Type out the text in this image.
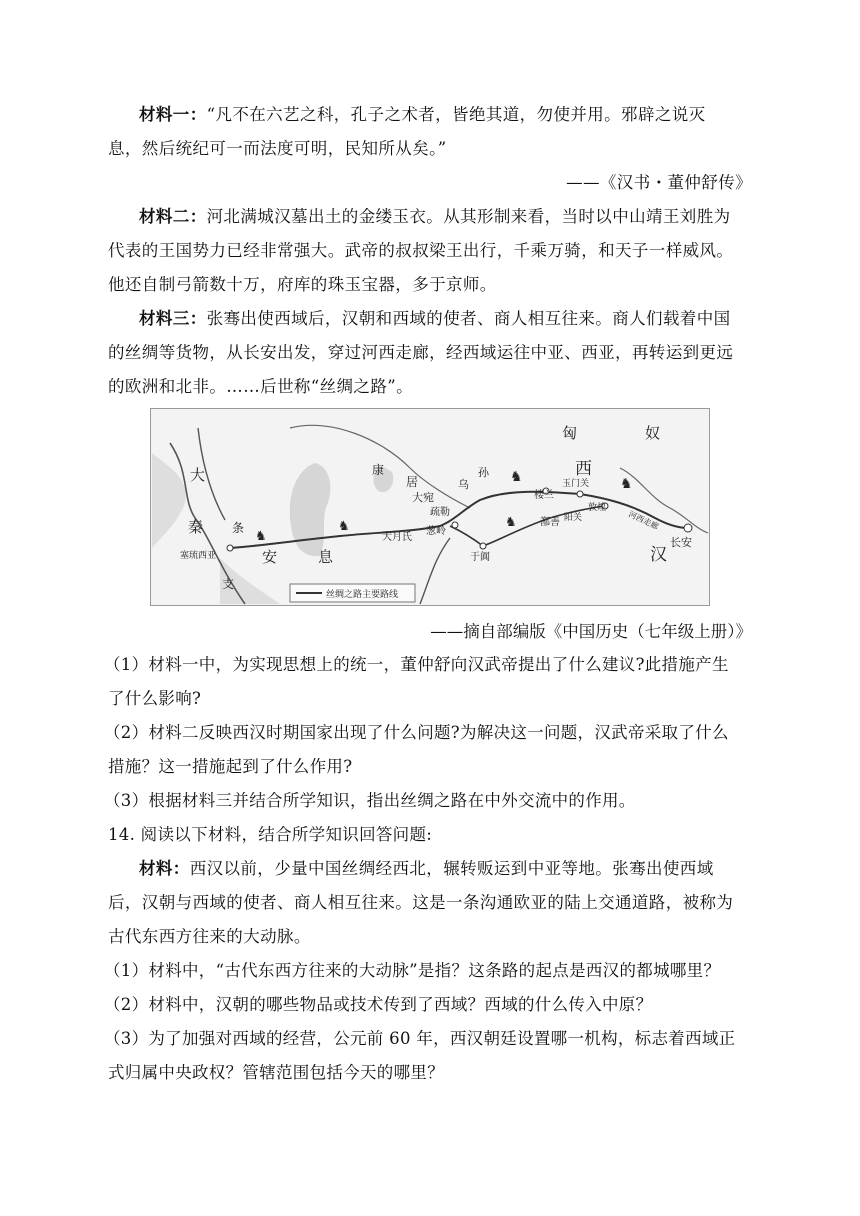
材料一：“凡不在六艺之科，孔子之术者，皆绝其道，勿使并用。邪辟之说灭
息，然后统纪可一而法度可明，民知所从矣。”
——《汉书・董仲舒传》
材料二：河北满城汉墓出土的金缕玉衣。从其形制来看，当时以中山靖王刘胜为
代表的王国势力已经非常强大。武帝的叔叔梁王出行，千乘万骑，和天子一样威风。
他还自制弓箭数十万，府库的珠玉宝器，多于京师。
材料三：张骞出使西域后，汉朝和西域的使者、商人相互往来。商人们载着中国
的丝绸等货物，从长安出发，穿过河西走廊，经西域运往中亚、西亚，再转运到更远
的欧洲和北非。……后世称“丝绸之路”。
♞	♞
♞
♞
♞
匈	奴
西
汉
康
居	乌
孙
大宛
疏勒
葱岭
楼兰
玉门关
敦煌
阳关
鄯善	河西走廊
长安
于阗
大月氏
大
秦 条
支
安	息
塞琉西亚
丝绸之路主要路线
——摘自部编版《中国历史（七年级上册）》
（1）材料一中，为实现思想上的统一，董仲舒向汉武帝提出了什么建议?此措施产生
了什么影响?
（2）材料二反映西汉时期国家出现了什么问题?为解决这一问题，汉武帝采取了什么
措施？这一措施起到了什么作用?
（3）根据材料三并结合所学知识，指出丝绸之路在中外交流中的作用。
14. 阅读以下材料，结合所学知识回答问题:
材料：西汉以前，少量中国丝绸经西北，辗转贩运到中亚等地。张骞出使西域
后，汉朝与西域的使者、商人相互往来。这是一条沟通欧亚的陆上交通道路，被称为
古代东西方往来的大动脉。
（1）材料中，“古代东西方往来的大动脉”是指？这条路的起点是西汉的都城哪里？
（2）材料中，汉朝的哪些物品或技术传到了西域？西域的什么传入中原？
（3）为了加强对西域的经营，公元前 60 年，西汉朝廷设置哪一机构，标志着西域正
式归属中央政权？管辖范围包括今天的哪里？
